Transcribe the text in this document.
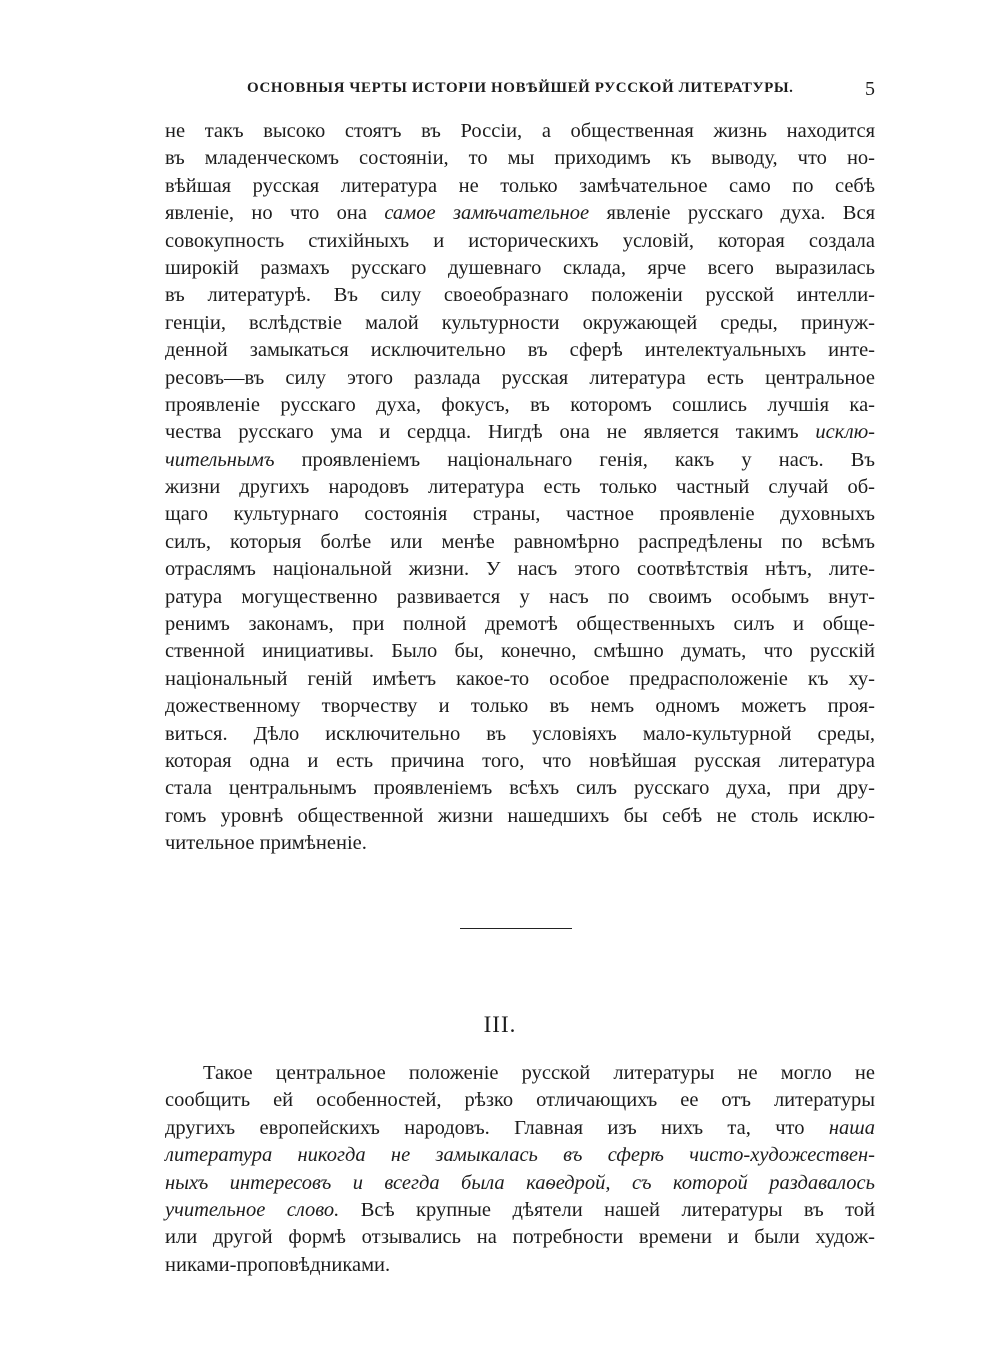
ОСНОВНЫЯ ЧЕРТЫ ИСТОРІИ НОВѢЙШЕЙ РУССКОЙ ЛИТЕРАТУРЫ.	5
не такъ высоко стоятъ въ Россіи, а общественная жизнь находится
въ младенческомъ состояніи, то мы приходимъ къ выводу, что но-
вѣйшая русская литература не только замѣчательное само по себѣ
явленіе, но что она самое замѣчательное явленіе русскаго духа. Вся
совокупность стихійныхъ и историческихъ условій, которая создала
широкій размахъ русскаго душевнаго склада, ярче всего выразилась
въ литературѣ. Въ силу своеобразнаго положеніи русской интелли-
генціи, вслѣдствіе малой культурности окружающей среды, принуж-
денной замыкаться исключительно въ сферѣ интелектуальныхъ инте-
ресовъ—въ силу этого разлада русская литература есть центральное
проявленіе русскаго духа, фокусъ, въ которомъ сошлись лучшія ка-
чества русскаго ума и сердца. Нигдѣ она не является такимъ исклю-
чительнымъ проявленіемъ національнаго генія, какъ у насъ. Въ
жизни другихъ народовъ литература есть только частный случай об-
щаго культурнаго состоянія страны, частное проявленіе духовныхъ
силъ, которыя болѣе или менѣе равномѣрно распредѣлены по всѣмъ
отраслямъ національной жизни. У насъ этого соотвѣтствія нѣтъ, лите-
ратура могущественно развивается у насъ по своимъ особымъ внут-
ренимъ законамъ, при полной дремотѣ общественныхъ силъ и обще-
ственной инициативы. Было бы, конечно, смѣшно думать, что русскій
національный геній имѣетъ какое-то особое предрасположеніе къ ху-
дожественному творчеству и только въ немъ одномъ можетъ проя-
виться. Дѣло исключительно въ условіяхъ мало-культурной среды,
которая одна и есть причина того, что новѣйшая русская литература
стала центральнымъ проявленіемъ всѣхъ силъ русскаго духа, при дру-
гомъ уровнѣ общественной жизни нашедшихъ бы себѣ не столь исклю-
чительное примѣненіе.
III.
Такое центральное положеніе русской литературы не могло не
сообщить ей особенностей, рѣзко отличающихъ ее отъ литературы
другихъ европейскихъ народовъ. Главная изъ нихъ та, что наша
литература никогда не замыкалась въ сферѣ чисто-художествен-
ныхъ интересовъ и всегда была каѳедрой, съ которой раздавалось
учительное слово. Всѣ крупные дѣятели нашей литературы въ той
или другой формѣ отзывались на потребности времени и были худож-
никами-проповѣдниками.
